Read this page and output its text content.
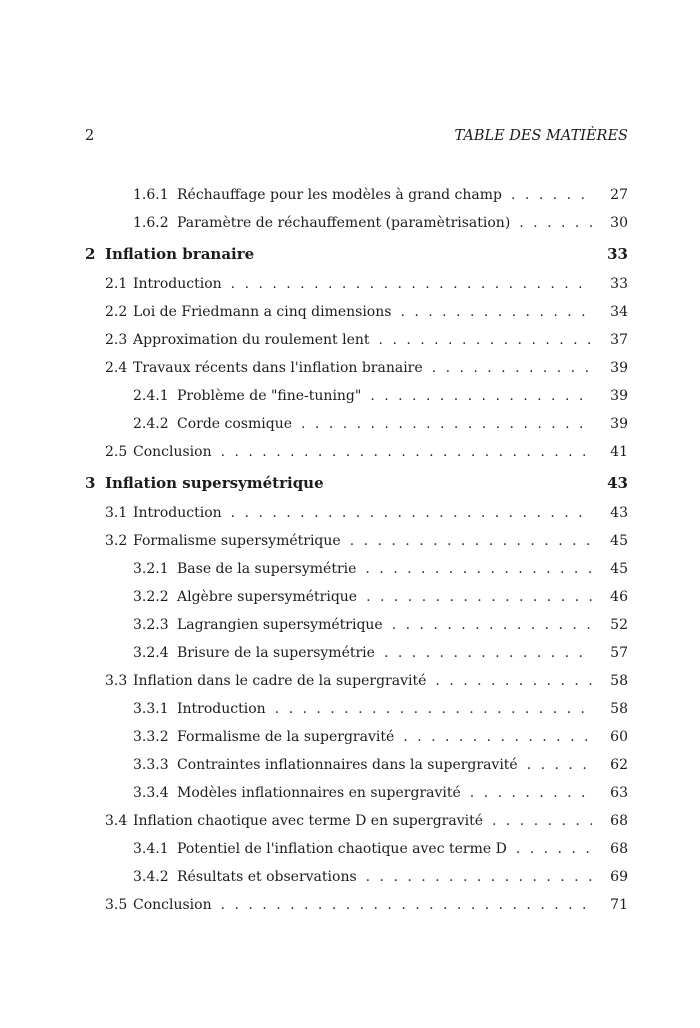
2	TABLE DES MATIÈRES
1.6.1 Réchauffage pour les modèles à grand champ . . .	27
1.6.2 Paramètre de réchauffement (paramètrisation) . . .	30
2 Inflation branaire	33
2.1 Introduction . . .	33
2.2 Loi de Friedmann a cinq dimensions . . .	34
2.3 Approximation du roulement lent . . .	37
2.4 Travaux récents dans l'inflation branaire . . .	39
2.4.1 Problème de "fine-tuning" . . .	39
2.4.2 Corde cosmique . . .	39
2.5 Conclusion . . .	41
3 Inflation supersymétrique	43
3.1 Introduction . . .	43
3.2 Formalisme supersymétrique . . .	45
3.2.1 Base de la supersymétrie . . .	45
3.2.2 Algèbre supersymétrique . . .	46
3.2.3 Lagrangien supersymétrique . . .	52
3.2.4 Brisure de la supersymétrie . . .	57
3.3 Inflation dans le cadre de la supergravité . . .	58
3.3.1 Introduction . . .	58
3.3.2 Formalisme de la supergravité . . .	60
3.3.3 Contraintes inflationnaires dans la supergravité . . .	62
3.3.4 Modèles inflationnaires en supergravité . . .	63
3.4 Inflation chaotique avec terme D en supergravité . . .	68
3.4.1 Potentiel de l'inflation chaotique avec terme D . . .	68
3.4.2 Résultats et observations . . .	69
3.5 Conclusion . . .	71
